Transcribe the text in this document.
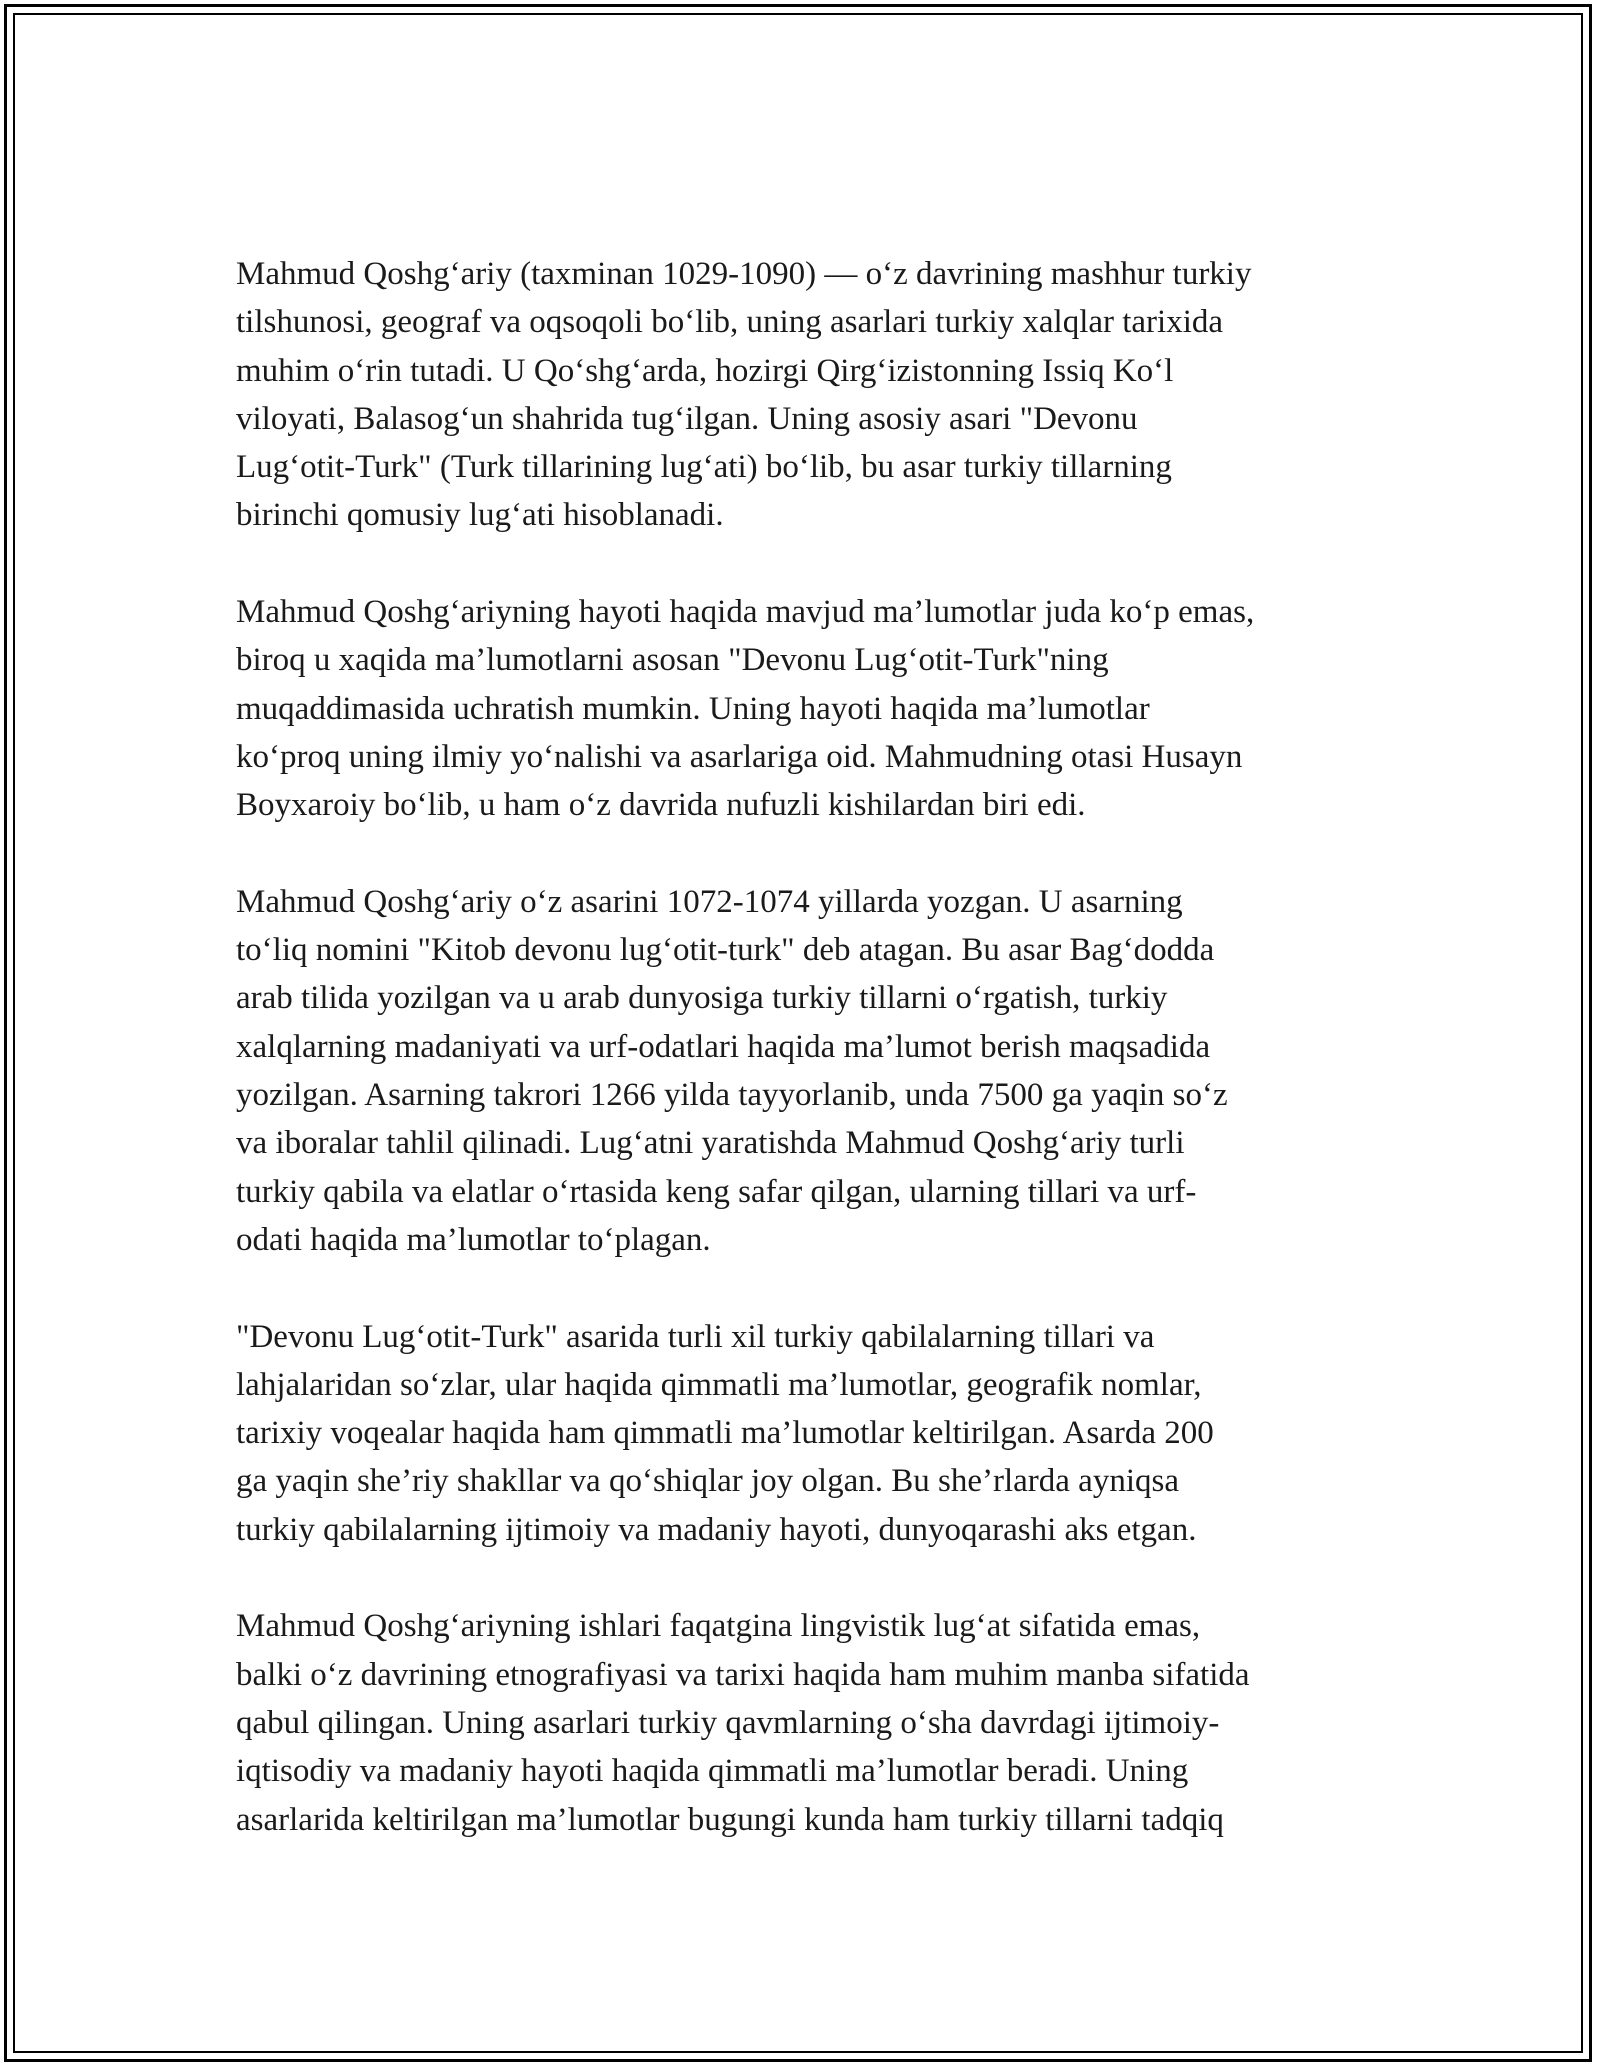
Mahmud Qoshg‘ariy (taxminan 1029-1090) — o‘z davrining mashhur turkiy
tilshunosi, geograf va oqsoqoli bo‘lib, uning asarlari turkiy xalqlar tarixida
muhim o‘rin tutadi. U Qo‘shg‘arda, hozirgi Qirg‘izistonning Issiq Ko‘l
viloyati, Balasog‘un shahrida tug‘ilgan. Uning asosiy asari "Devonu
Lug‘otit-Turk" (Turk tillarining lug‘ati) bo‘lib, bu asar turkiy tillarning
birinchi qomusiy lug‘ati hisoblanadi.

Mahmud Qoshg‘ariyning hayoti haqida mavjud ma’lumotlar juda ko‘p emas,
biroq u xaqida ma’lumotlarni asosan "Devonu Lug‘otit-Turk"ning
muqaddimasida uchratish mumkin. Uning hayoti haqida ma’lumotlar
ko‘proq uning ilmiy yo‘nalishi va asarlariga oid. Mahmudning otasi Husayn
Boyxaroiy bo‘lib, u ham o‘z davrida nufuzli kishilardan biri edi.

Mahmud Qoshg‘ariy o‘z asarini 1072-1074 yillarda yozgan. U asarning
to‘liq nomini "Kitob devonu lug‘otit-turk" deb atagan. Bu asar Bag‘dodda
arab tilida yozilgan va u arab dunyosiga turkiy tillarni o‘rgatish, turkiy
xalqlarning madaniyati va urf-odatlari haqida ma’lumot berish maqsadida
yozilgan. Asarning takrori 1266 yilda tayyorlanib, unda 7500 ga yaqin so‘z
va iboralar tahlil qilinadi. Lug‘atni yaratishda Mahmud Qoshg‘ariy turli
turkiy qabila va elatlar o‘rtasida keng safar qilgan, ularning tillari va urf-
odati haqida ma’lumotlar to‘plagan.

"Devonu Lug‘otit-Turk" asarida turli xil turkiy qabilalarning tillari va
lahjalaridan so‘zlar, ular haqida qimmatli ma’lumotlar, geografik nomlar,
tarixiy voqealar haqida ham qimmatli ma’lumotlar keltirilgan. Asarda 200
ga yaqin she’riy shakllar va qo‘shiqlar joy olgan. Bu she’rlarda ayniqsa
turkiy qabilalarning ijtimoiy va madaniy hayoti, dunyoqarashi aks etgan.

Mahmud Qoshg‘ariyning ishlari faqatgina lingvistik lug‘at sifatida emas,
balki o‘z davrining etnografiyasi va tarixi haqida ham muhim manba sifatida
qabul qilingan. Uning asarlari turkiy qavmlarning o‘sha davrdagi ijtimoiy-
iqtisodiy va madaniy hayoti haqida qimmatli ma’lumotlar beradi. Uning
asarlarida keltirilgan ma’lumotlar bugungi kunda ham turkiy tillarni tadqiq
